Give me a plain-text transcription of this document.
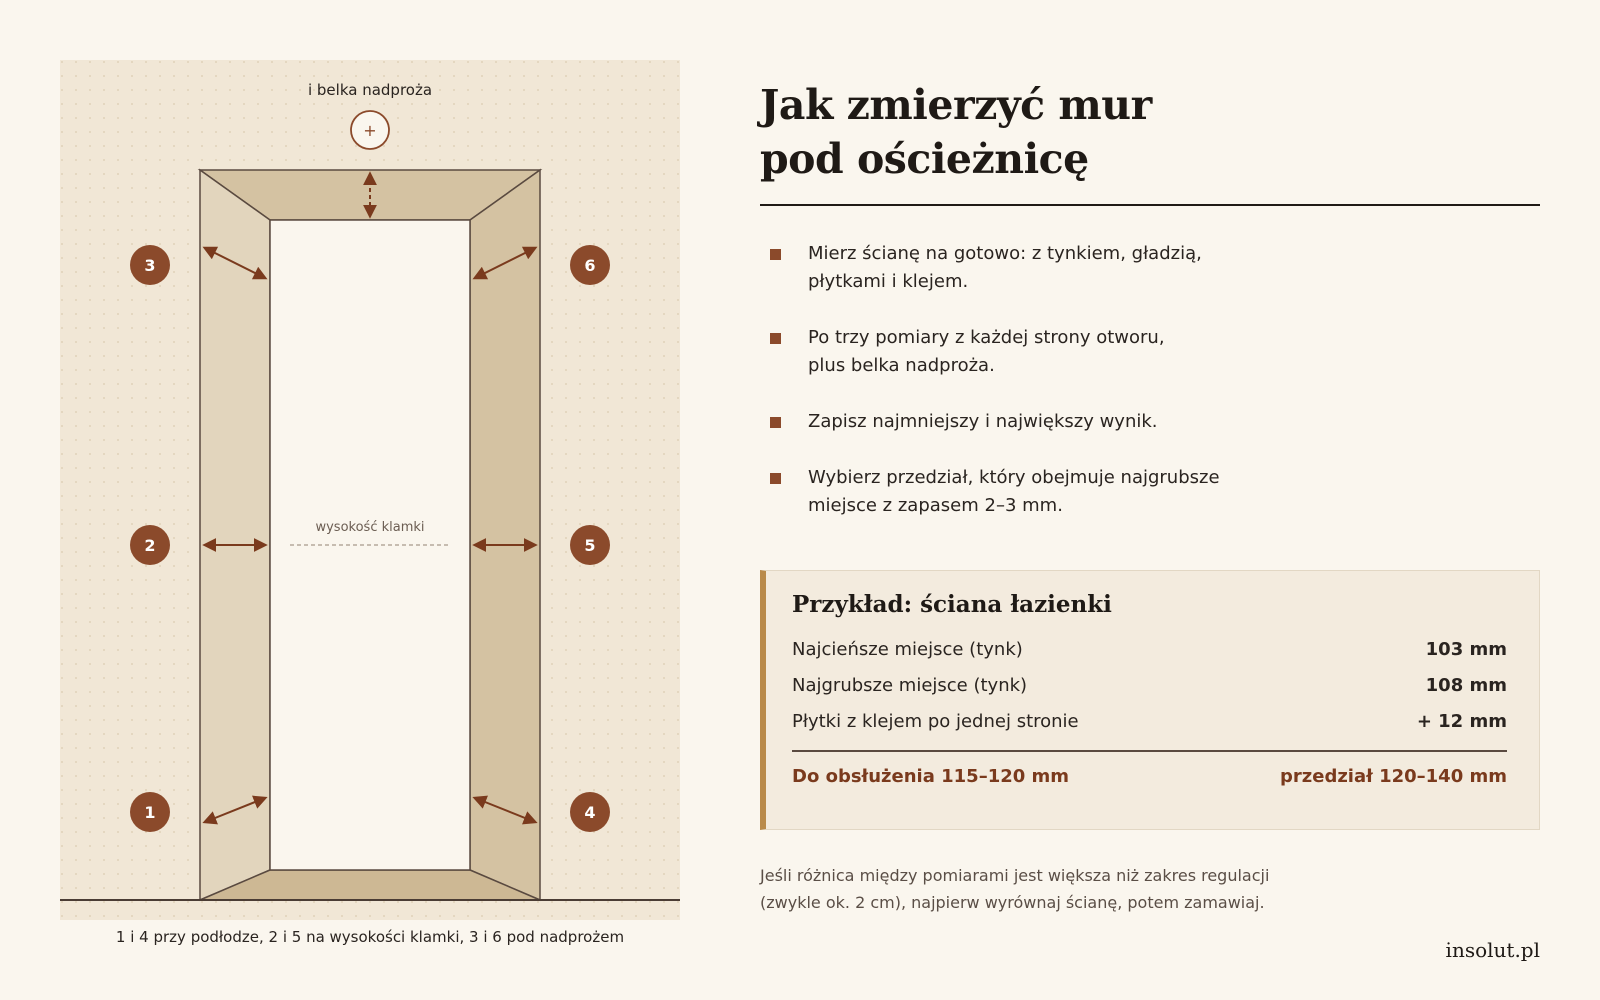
i belka nadproża
+
wysokość klamki
3	6
2	5
1	4
1 i 4 przy podłodze, 2 i 5 na wysokości klamki, 3 i 6 pod nadprożem
Jak zmierzyć mur
pod ościeżnicę
Mierz ścianę na gotowo: z tynkiem, gładzią,
płytkami i klejem.
Po trzy pomiary z każdej strony otworu,
plus belka nadproża.
Zapisz najmniejszy i największy wynik.
Wybierz przedział, który obejmuje najgrubsze
miejsce z zapasem 2–3 mm.
Przykład: ściana łazienki
Najcieńsze miejsce (tynk)	103 mm
Najgrubsze miejsce (tynk)	108 mm
Płytki z klejem po jednej stronie	+ 12 mm
Do obsłużenia 115–120 mm	przedział 120–140 mm
Jeśli różnica między pomiarami jest większa niż zakres regulacji
(zwykle ok. 2 cm), najpierw wyrównaj ścianę, potem zamawiaj.
insolut.pl
